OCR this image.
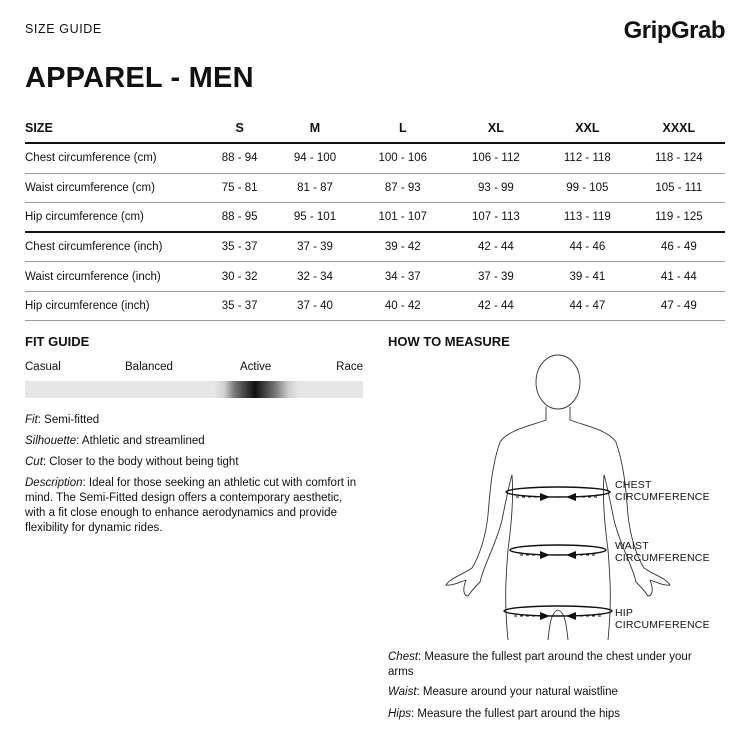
SIZE GUIDE	GripGrab
APPAREL - MEN
SIZE	S	M	L	XL	XXL	XXXL
Chest circumference (cm)	88 - 94	94 - 100	100 - 106	106 - 112	112 - 118	118 - 124
Waist circumference (cm)	75 - 81	81 - 87	87 - 93	93 - 99	99 - 105	105 - 111
Hip circumference (cm)	88 - 95	95 - 101	101 - 107	107 - 113	113 - 119	119 - 125
Chest circumference (inch)	35 - 37	37 - 39	39 - 42	42 - 44	44 - 46	46 - 49
Waist circumference (inch)	30 - 32	32 - 34	34 - 37	37 - 39	39 - 41	41 - 44
Hip circumference (inch)	35 - 37	37 - 40	40 - 42	42 - 44	44 - 47	47 - 49
FIT GUIDE
Casual	Balanced	Active	Race
Fit: Semi-fitted
Silhouette: Athletic and streamlined
Cut: Closer to the body without being tight
Description: Ideal for those seeking an athletic cut with comfort in mind. The Semi-Fitted design offers a contemporary aesthetic, with a fit close enough to enhance aerodynamics and provide flexibility for dynamic rides.
HOW TO MEASURE
CHEST
CIRCUMFERENCE
WAIST
CIRCUMFERENCE
HIP
CIRCUMFERENCE
Chest: Measure the fullest part around the chest under your arms
Waist: Measure around your natural waistline
Hips: Measure the fullest part around the hips
